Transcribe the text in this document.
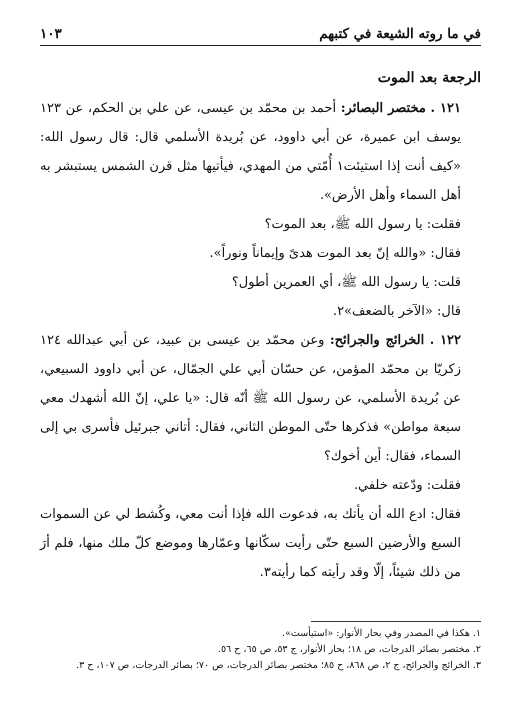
في ما روته الشيعة في كتبهم
١٠٣
الرجعة بعد الموت

١٢١ . مختصر البصائر: أحمد بن محمّد بن عيسى، عن علي بن الحكم، عن ١٢٣ يوسف ابن عميرة، عن أبي داوود، عن بُريدة الأسلمي قال: قال رسول الله: «كيف أنت إذا استيئت١ أُمّتي من المهدي، فيأتيها مثل قرن الشمس يستبشر به أهل السماء وأهل الأرض».

فقلت: يا رسول الله ﷺ، بعد الموت؟

فقال: «والله إنّ بعد الموت هدىً وإيماناً ونوراً».

قلت: يا رسول الله ﷺ، أي العمرين أطول؟

قال: «الآخر بالضعف»٢.

١٢٢ . الخرائج والجرائح: وعن محمّد بن عيسى بن عبيد، عن أبي عبدالله ١٢٤ زكريّا بن محمّد المؤمن، عن حسّان أبي علي الجمّال، عن أبي داوود السبيعي، عن بُريدة الأسلمي، عن رسول الله ﷺ أنّه قال: «يا علي، إنّ الله أشهدك معي سبعة مواطن» فذكرها حتّى الموطن الثاني، فقال: أتاني جبرئيل فأسرى بي إلى السماء، فقال: أين أخوك؟

فقلت: ودّعته خلفي.

فقال: ادع الله أن يأتك به، فدعوت الله فإذا أنت معي، وكُشط لي عن السموات السبع والأرضين السبع حتّى رأيت سكّانها وعمّارها وموضع كلّ ملك منها، فلم أرَ من ذلك شيئاً، إلّا وقد رأيته كما رأيته٣.

١. هكذا في المصدر وفي بحار الأنوار: «استيأست».

٢. مختصر بصائر الدرجات، ص ١٨؛ بحار الأنوار، ج ٥٣، ص ٦٥، ح ٥٦.

٣. الخرائج والجرائح، ج ٢، ص ٨٦٨، ح ٨٥؛ مختصر بصائر الدرجات، ص ٧٠؛ بصائر الدرجات، ص ١٠٧، ح ٣.
